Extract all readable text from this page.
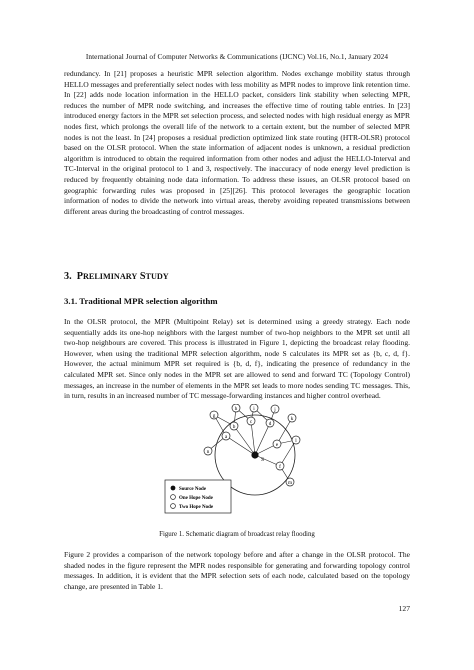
International Journal of Computer Networks & Communications (IJCNC) Vol.16, No.1, January 2024

redundancy. In [21] proposes a heuristic MPR selection algorithm. Nodes exchange mobility status through HELLO messages and preferentially select nodes with less mobility as MPR nodes to improve link retention time. In [22] adds node location information in the HELLO packet, considers link stability when selecting MPR, reduces the number of MPR node switching, and increases the effective time of routing table entries. In [23] introduced energy factors in the MPR set selection process, and selected nodes with high residual energy as MPR nodes first, which prolongs the overall life of the network to a certain extent, but the number of selected MPR nodes is not the least. In [24] proposes a residual prediction optimized link state routing (HTR-OLSR) protocol based on the OLSR protocol. When the state information of adjacent nodes is unknown, a residual prediction algorithm is introduced to obtain the required information from other nodes and adjust the HELLO-Interval and TC-Interval in the original protocol to 1 and 3, respectively. The inaccuracy of node energy level prediction is reduced by frequently obtaining node data information. To address these issues, an OLSR protocol based on geographic forwarding rules was proposed in [25][26]. This protocol leverages the geographic location information of nodes to divide the network into virtual areas, thereby avoiding repeated transmissions between different areas during the broadcasting of control messages.

3. PRELIMINARY STUDY
3.1. Traditional MPR selection algorithm

In the OLSR protocol, the MPR (Multipoint Relay) set is determined using a greedy strategy. Each node sequentially adds its one-hop neighbors with the largest number of two-hop neighbors to the MPR set until all two-hop neighbours are covered. This process is illustrated in Figure 1, depicting the broadcast relay flooding. However, when using the traditional MPR selection algorithm, node S calculates its MPR set as {b, c, d, f}. However, the actual minimum MPR set required is {b, d, f}, indicating the presence of redundancy in the calculated MPR set. Since only nodes in the MPR set are allowed to send and forward TC (Topology Control) messages, an increase in the number of elements in the MPR set leads to more nodes sending TC messages. This, in turn, results in an increased number of TC message-forwarding instances and higher control overhead.

g
h	i	j
k
l
m
n
a
b
c	d
e
f
S
Source Node
One Hope Node
Two Hope Node

Figure 1. Schematic diagram of broadcast relay flooding

Figure 2 provides a comparison of the network topology before and after a change in the OLSR protocol. The shaded nodes in the figure represent the MPR nodes responsible for generating and forwarding topology control messages. In addition, it is evident that the MPR selection sets of each node, calculated based on the topology change, are presented in Table 1.

127
